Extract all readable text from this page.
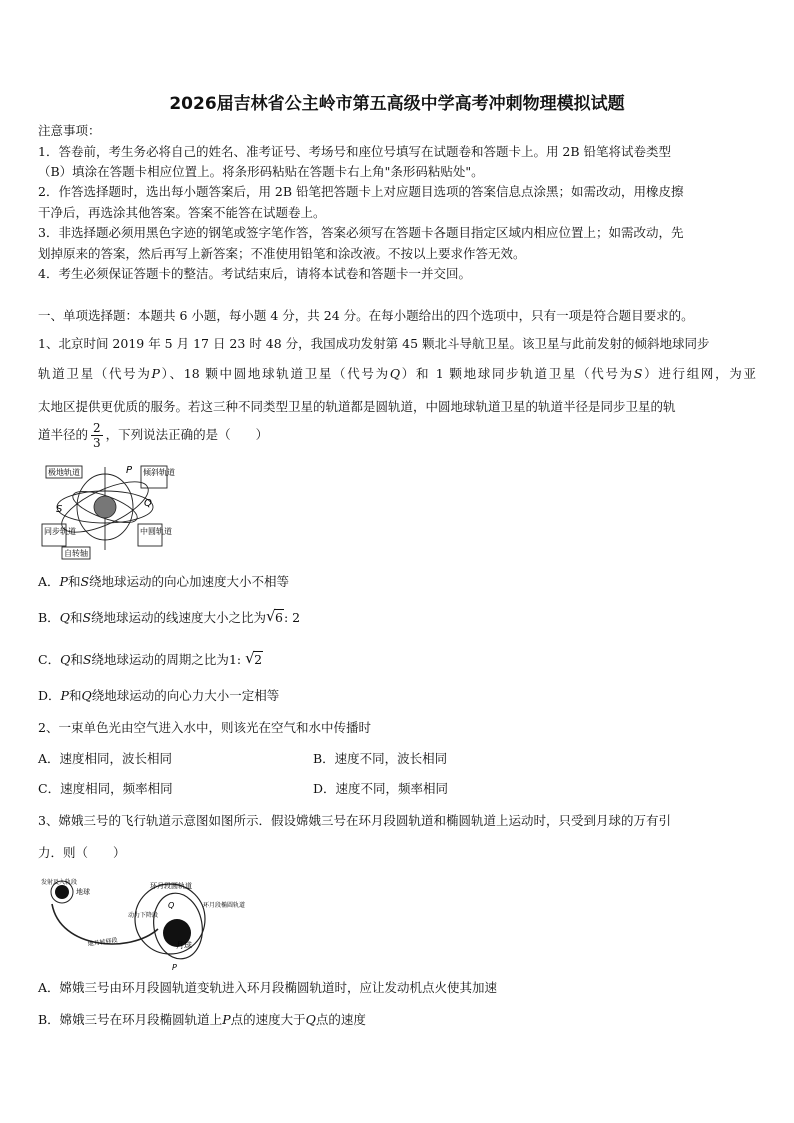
2026届吉林省公主岭市第五高级中学高考冲刺物理模拟试题
注意事项：
1．答卷前，考生务必将自己的姓名、准考证号、考场号和座位号填写在试题卷和答题卡上。用 2B 铅笔将试卷类型
（B）填涂在答题卡相应位置上。将条形码粘贴在答题卡右上角"条形码粘贴处"。
2．作答选择题时，选出每小题答案后，用 2B 铅笔把答题卡上对应题目选项的答案信息点涂黑；如需改动，用橡皮擦
干净后，再选涂其他答案。答案不能答在试题卷上。
3．非选择题必须用黑色字迹的钢笔或签字笔作答，答案必须写在答题卡各题目指定区域内相应位置上；如需改动，先
划掉原来的答案，然后再写上新答案；不准使用铅笔和涂改液。不按以上要求作答无效。
4．考生必须保证答题卡的整洁。考试结束后，请将本试卷和答题卡一并交回。
一、单项选择题：本题共 6 小题，每小题 4 分，共 24 分。在每小题给出的四个选项中，只有一项是符合题目要求的。
1、北京时间 2019 年 5 月 17 日 23 时 48 分，我国成功发射第 45 颗北斗导航卫星。该卫星与此前发射的倾斜地球同步
轨道卫星（代号为P）、18 颗中圆地球轨道卫星（代号为Q）和 1 颗地球同步轨道卫星（代号为S）进行组网，为亚
太地区提供更优质的服务。若这三种不同类型卫星的轨道都是圆轨道，中圆地球轨道卫星的轨道半径是同步卫星的轨
道半径的 $\frac{2}{3}$ ，下列说法正确的是（　　）
极地轨道	倾斜轨道
同步轨道	中圆轨道
自转轴
P
Q
S
A．P和S绕地球运动的向心加速度大小不相等
B．Q和S绕地球运动的线速度大小之比为 √ 6: 2
C．Q和S绕地球运动的周期之比为1: √ 2
D．P和Q绕地球运动的向心力大小一定相等
2、一束单色光由空气进入水中，则该光在空气和水中传播时
A．速度相同，波长相同	B．速度不同，波长相同
C．速度相同，频率相同	D．速度不同，频率相同
3、嫦娥三号的飞行轨道示意图如图所示．假设嫦娥三号在环月段圆轨道和椭圆轨道上运动时，只受到月球的万有引
力．则（　　）
发射及入轨段
地球
环月段圆轨道
环月段椭圆轨道
动力下降段
地月转移段	月球
Q
P
A．嫦娥三号由环月段圆轨道变轨进入环月段椭圆轨道时，应让发动机点火使其加速
B．嫦娥三号在环月段椭圆轨道上P点的速度大于Q点的速度
